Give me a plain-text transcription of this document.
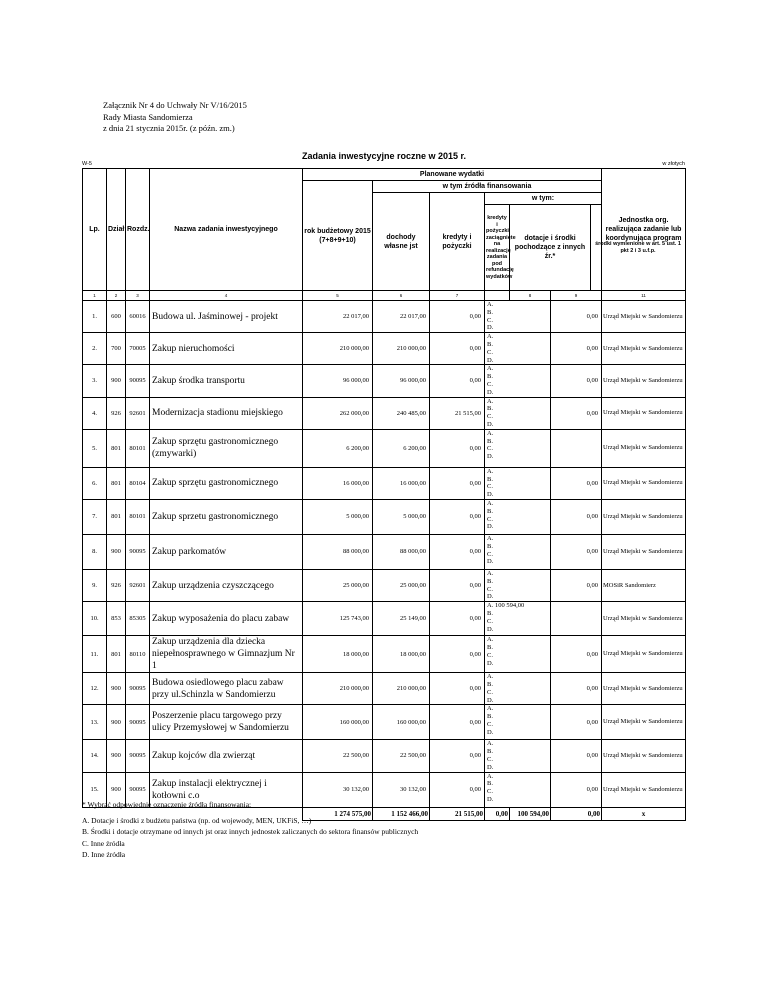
Załącznik Nr 4 do Uchwały Nr V/16/2015
Rady Miasta Sandomierza
z dnia 21 stycznia 2015r. (z późn. zm.)
Zadania inwestycyjne roczne w 2015 r.
W-5	w złotych
Lp.	Dział	Rozdz.	Nazwa zadania inwestycyjnego	Planowane wydatki							Jednostka org. realizująca zadanie lub koordynująca program
				rok budżetowy 2015 (7+8+9+10)	w tym źródła finansowania						
					dochody własne jst	kredyty i pożyczki	w tym:				
							kredyty i pożyczki zaciągnięte na realizację zadania pod refundację wydatków	dotacje i środki pochodzące z innych źr.*		środki wymienione w art. 5 ust. 1 pkt 2 i 3 u.f.p.	

1	2	3	4	5	6	7		8	9		11
1.	600	60016	Budowa ul. Jaśminowej - projekt	22 017,00	22 017,00	0,00	A.
B.
C.
D.		0,00		Urząd Miejski w Sandomierzu
2.	700	70005	Zakup nieruchomości	210 000,00	210 000,00	0,00	A.
B.
C.
D.		0,00		Urząd Miejski w Sandomierzu
3.	900	90095	Zakup środka transportu	96 000,00	96 000,00	0,00	A.
B.
C.
D.		0,00		Urząd Miejski w Sandomierzu
4.	926	92601	Modernizacja stadionu miejskiego	262 000,00	240 485,00	21 515,00	A.
B.
C.
D.		0,00		Urząd Miejski w Sandomierzu
5.	801	80101	Zakup sprzętu gastronomicznego (zmywarki)	6 200,00	6 200,00	0,00	A.
B.
C.
D.				Urząd Miejski w Sandomierzu
6.	801	80104	Zakup sprzętu gastronomicznego	16 000,00	16 000,00	0,00	A.
B.
C.
D.		0,00		Urząd Miejski w Sandomierzu
7.	801	80101	Zakup sprzetu gastronomicznego	5 000,00	5 000,00	0,00	A.
B.
C.
D.		0,00		Urząd Miejski w Sandomierzu
8.	900	90095	Zakup parkomatów	88 000,00	88 000,00	0,00	A.
B.
C.
D.		0,00		Urząd Miejski w Sandomierzu
9.	926	92601	Zakup urządzenia czyszczącego	25 000,00	25 000,00	0,00	A.
B.
C.
D.		0,00		MOSiR Sandomierz
10.	853	85305	Zakup wyposażenia do placu zabaw	125 743,00	25 149,00	0,00	A. 100 594,00
B.
C.
D.				Urząd Miejski w Sandomierzu
11.	801	80110	Zakup urządzenia dla dziecka niepełnosprawnego w Gimnazjum Nr 1	18 000,00	18 000,00	0,00	A.
B.
C.
D.		0,00		Urząd Miejski w Sandomierzu
12.	900	90095	Budowa osiedlowego placu zabaw przy ul.Schinzla w Sandomierzu	210 000,00	210 000,00	0,00	A.
B.
C.
D.		0,00		Urząd Miejski w Sandomierzu
13.	900	90095	Poszerzenie placu targowego przy ulicy Przemysłowej w Sandomierzu	160 000,00	160 000,00	0,00	A.
B.
C.
D.		0,00		Urząd Miejski w Sandomierzu
14.	900	90095	Zakup kojców dla zwierząt	22 500,00	22 500,00	0,00	A.
B.
C.
D.		0,00		Urząd Miejski w Sandomierzu
15.	900	90095	Zakup instalacji elektrycznej i kotłowni c.o	30 132,00	30 132,00	0,00	A.
B.
C.
D.		0,00		Urząd Miejski w Sandomierzu
				1 274 575,00	1 152 466,00	21 515,00	0,00	100 594,00	0,00		x

* Wybrać odpowiednie oznaczenie źródła finansowania:

A. Dotacje i środki z budżetu państwa (np. od wojewody, MEN, UKFiS, …)

B. Środki i dotacje otrzymane od innych jst oraz innych jednostek zaliczanych do sektora finansów publicznych

C. Inne źródła

D. Inne źródła
